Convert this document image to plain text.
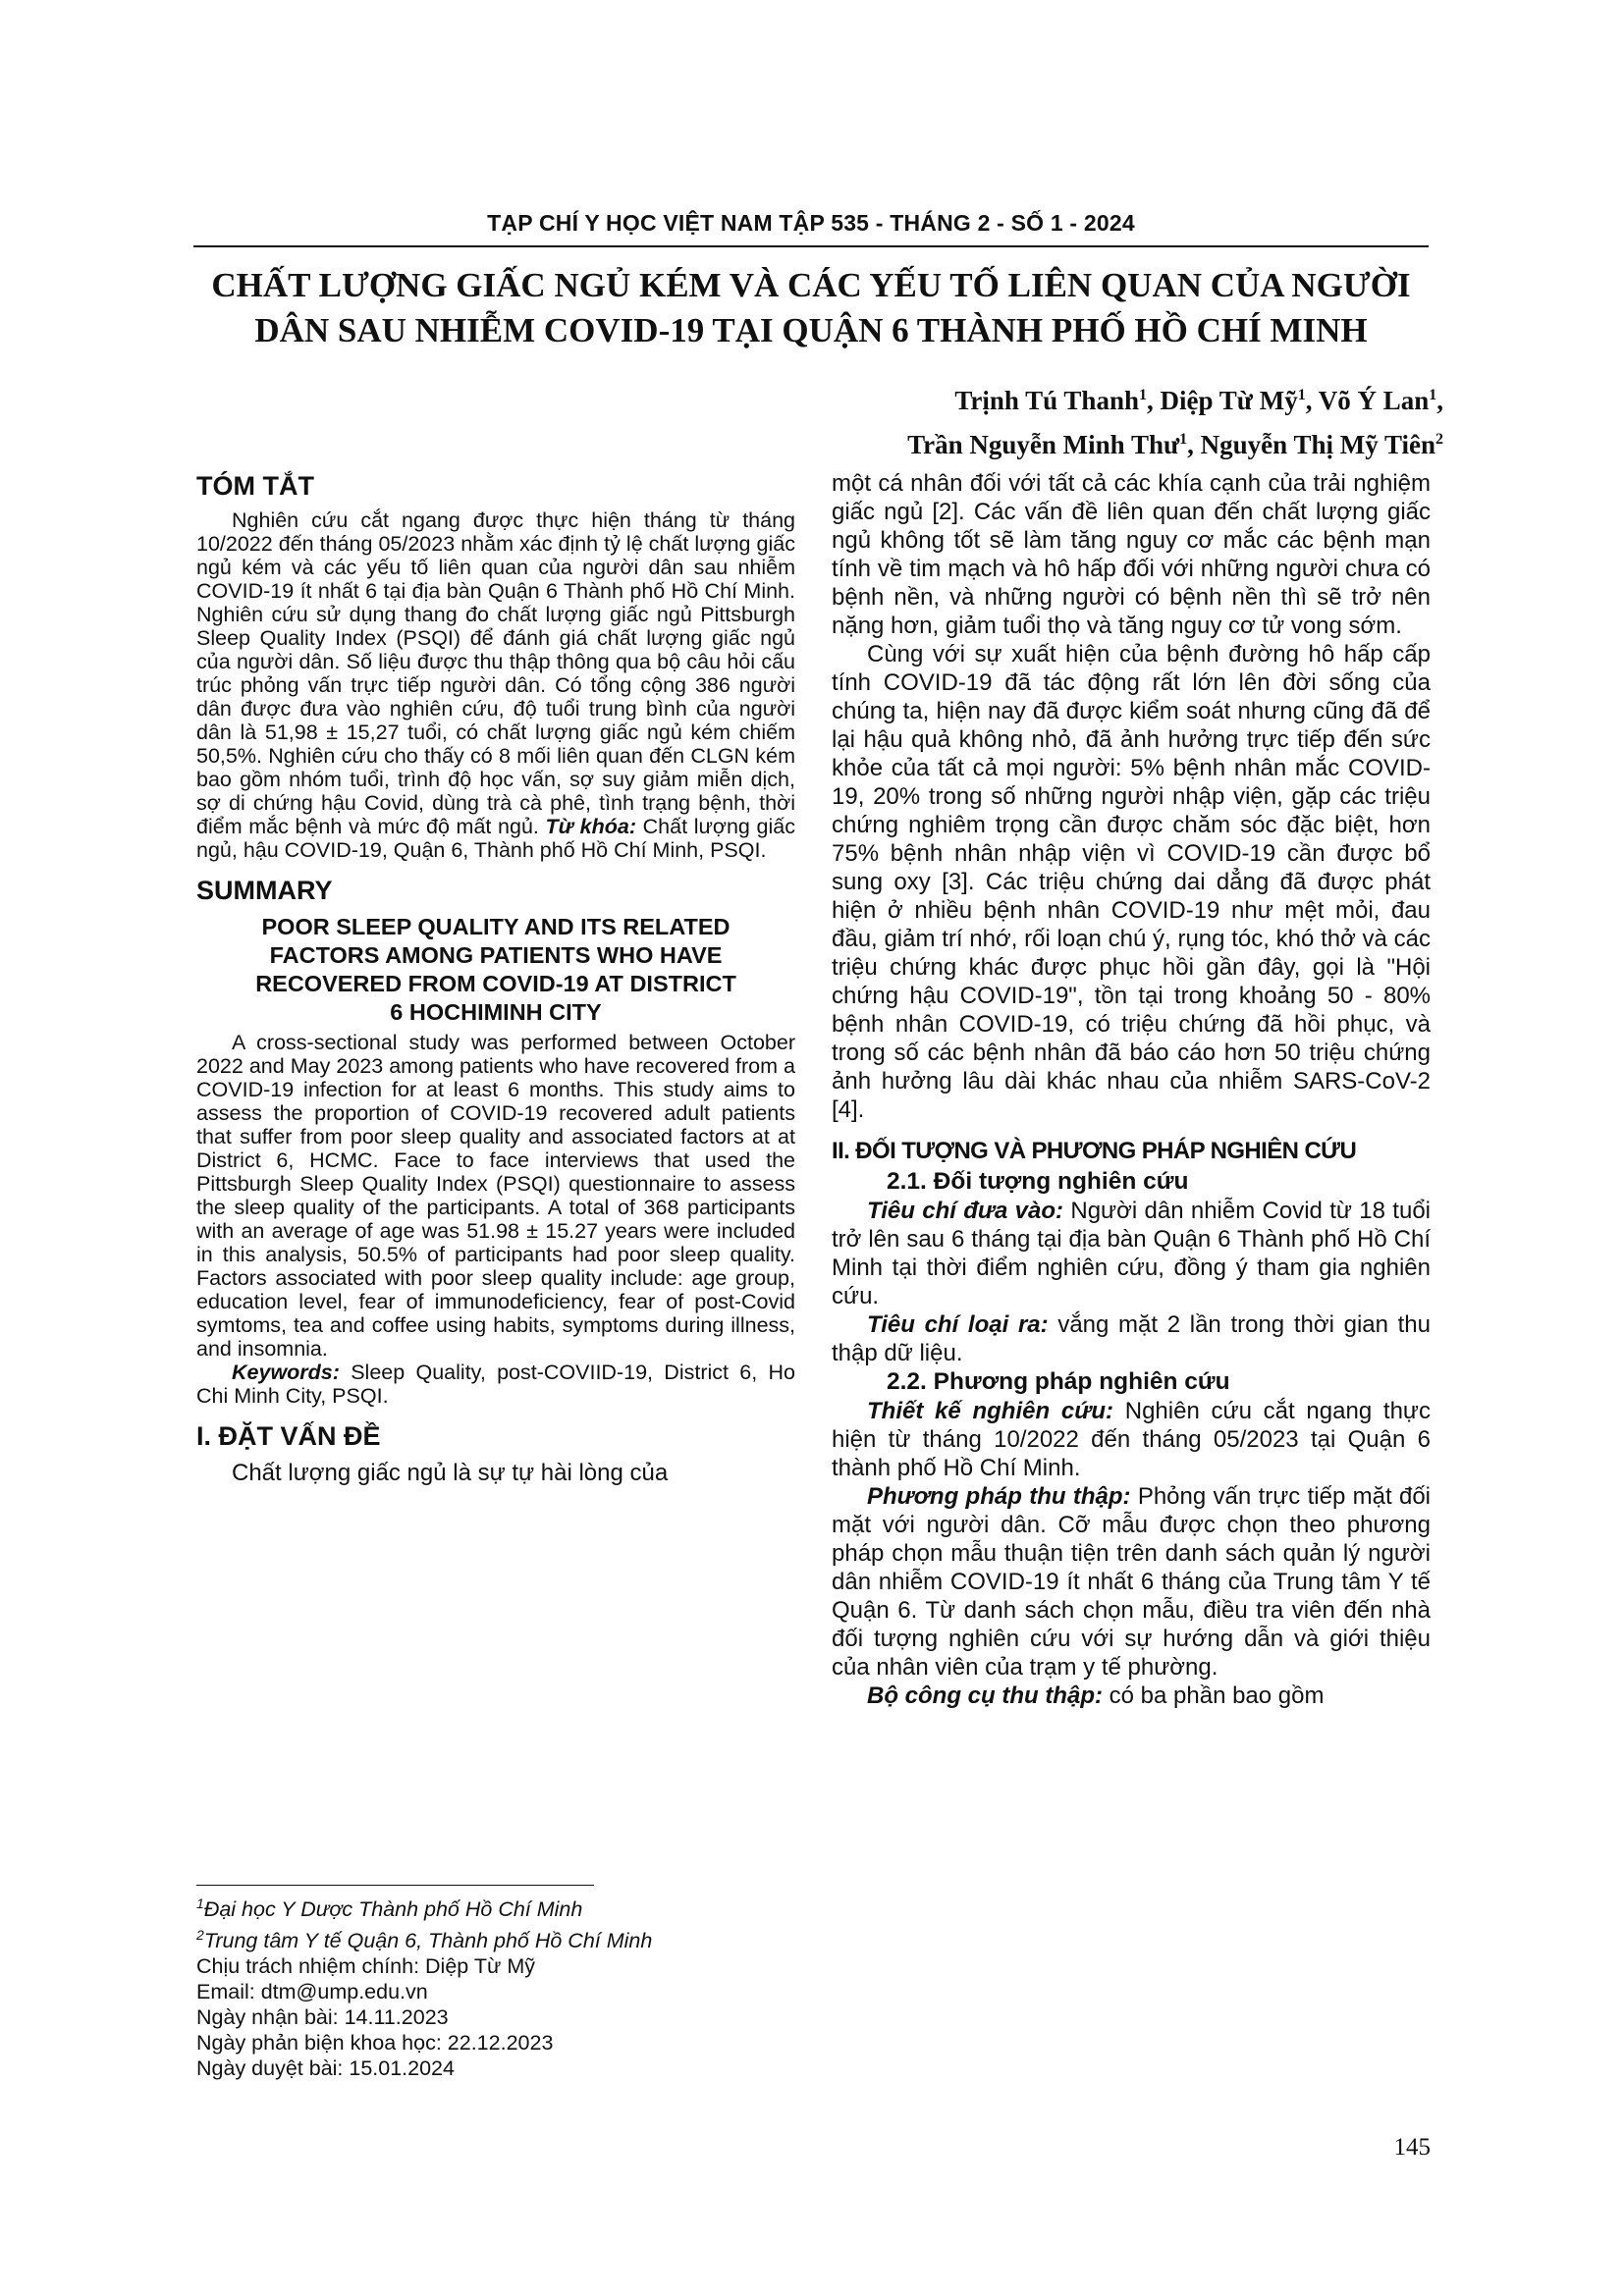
TẠP CHÍ Y HỌC VIỆT NAM TẬP 535 - THÁNG 2 - SỐ 1 - 2024
CHẤT LƯỢNG GIẤC NGỦ KÉM VÀ CÁC YẾU TỐ LIÊN QUAN CỦA NGƯỜI
DÂN SAU NHIỄM COVID-19 TẠI QUẬN 6 THÀNH PHỐ HỒ CHÍ MINH
Trịnh Tú Thanh$^1$, Diệp Từ Mỹ$^1$, Võ Ý Lan$^1$,
Trần Nguyễn Minh Thư$^1$, Nguyễn Thị Mỹ Tiên$^2$
TÓM TẮT

Nghiên cứu cắt ngang được thực hiện tháng từ tháng 10/2022 đến tháng 05/2023 nhằm xác định tỷ lệ chất lượng giấc ngủ kém và các yếu tố liên quan của người dân sau nhiễm COVID-19 ít nhất 6 tại địa bàn Quận 6 Thành phố Hồ Chí Minh. Nghiên cứu sử dụng thang đo chất lượng giấc ngủ Pittsburgh Sleep Quality Index (PSQI) để đánh giá chất lượng giấc ngủ của người dân. Số liệu được thu thập thông qua bộ câu hỏi cấu trúc phỏng vấn trực tiếp người dân. Có tổng cộng 386 người dân được đưa vào nghiên cứu, độ tuổi trung bình của người dân là 51,98 ± 15,27 tuổi, có chất lượng giấc ngủ kém chiếm 50,5%. Nghiên cứu cho thấy có 8 mối liên quan đến CLGN kém bao gồm nhóm tuổi, trình độ học vấn, sợ suy giảm miễn dịch, sợ di chứng hậu Covid, dùng trà cà phê, tình trạng bệnh, thời điểm mắc bệnh và mức độ mất ngủ. Từ khóa: Chất lượng giấc ngủ, hậu COVID-19, Quận 6, Thành phố Hồ Chí Minh, PSQI.

SUMMARY
POOR SLEEP QUALITY AND ITS RELATED
FACTORS AMONG PATIENTS WHO HAVE
RECOVERED FROM COVID-19 AT DISTRICT
6 HOCHIMINH CITY

A cross-sectional study was performed between October 2022 and May 2023 among patients who have recovered from a COVID-19 infection for at least 6 months. This study aims to assess the proportion of COVID-19 recovered adult patients that suffer from poor sleep quality and associated factors at at District 6, HCMC. Face to face interviews that used the Pittsburgh Sleep Quality Index (PSQI) questionnaire to assess the sleep quality of the participants. A total of 368 participants with an average of age was 51.98 ± 15.27 years were included in this analysis, 50.5% of participants had poor sleep quality. Factors associated with poor sleep quality include: age group, education level, fear of immunodeficiency, fear of post-Covid symtoms, tea and coffee using habits, symptoms during illness, and insomnia.

Keywords: Sleep Quality, post-COVIID-19, District 6, Ho Chi Minh City, PSQI.

I. ĐẶT VẤN ĐỀ

Chất lượng giấc ngủ là sự tự hài lòng của

$^1$Đại học Y Dược Thành phố Hồ Chí Minh
$^2$Trung tâm Y tế Quận 6, Thành phố Hồ Chí Minh
Chịu trách nhiệm chính: Diệp Từ Mỹ
Email: dtm@ump.edu.vn
Ngày nhận bài: 14.11.2023
Ngày phản biện khoa học: 22.12.2023
Ngày duyệt bài: 15.01.2024

một cá nhân đối với tất cả các khía cạnh của trải nghiệm giấc ngủ [2]. Các vấn đề liên quan đến chất lượng giấc ngủ không tốt sẽ làm tăng nguy cơ mắc các bệnh mạn tính về tim mạch và hô hấp đối với những người chưa có bệnh nền, và những người có bệnh nền thì sẽ trở nên nặng hơn, giảm tuổi thọ và tăng nguy cơ tử vong sớm.

Cùng với sự xuất hiện của bệnh đường hô hấp cấp tính COVID-19 đã tác động rất lớn lên đời sống của chúng ta, hiện nay đã được kiểm soát nhưng cũng đã để lại hậu quả không nhỏ, đã ảnh hưởng trực tiếp đến sức khỏe của tất cả mọi người: 5% bệnh nhân mắc COVID-19, 20% trong số những người nhập viện, gặp các triệu chứng nghiêm trọng cần được chăm sóc đặc biệt, hơn 75% bệnh nhân nhập viện vì COVID-19 cần được bổ sung oxy [3]. Các triệu chứng dai dẳng đã được phát hiện ở nhiều bệnh nhân COVID-19 như mệt mỏi, đau đầu, giảm trí nhớ, rối loạn chú ý, rụng tóc, khó thở và các triệu chứng khác được phục hồi gần đây, gọi là "Hội chứng hậu COVID-19", tồn tại trong khoảng 50 - 80% bệnh nhân COVID-19, có triệu chứng đã hồi phục, và trong số các bệnh nhân đã báo cáo hơn 50 triệu chứng ảnh hưởng lâu dài khác nhau của nhiễm SARS-CoV-2 [4].

II. ĐỐI TƯỢNG VÀ PHƯƠNG PHÁP NGHIÊN CỨU
2.1. Đối tượng nghiên cứu

Tiêu chí đưa vào: Người dân nhiễm Covid từ 18 tuổi trở lên sau 6 tháng tại địa bàn Quận 6 Thành phố Hồ Chí Minh tại thời điểm nghiên cứu, đồng ý tham gia nghiên cứu.

Tiêu chí loại ra: vắng mặt 2 lần trong thời gian thu thập dữ liệu.

2.2. Phương pháp nghiên cứu

Thiết kế nghiên cứu: Nghiên cứu cắt ngang thực hiện từ tháng 10/2022 đến tháng 05/2023 tại Quận 6 thành phố Hồ Chí Minh.

Phương pháp thu thập: Phỏng vấn trực tiếp mặt đối mặt với người dân. Cỡ mẫu được chọn theo phương pháp chọn mẫu thuận tiện trên danh sách quản lý người dân nhiễm COVID-19 ít nhất 6 tháng của Trung tâm Y tế Quận 6. Từ danh sách chọn mẫu, điều tra viên đến nhà đối tượng nghiên cứu với sự hướng dẫn và giới thiệu của nhân viên của trạm y tế phường.

Bộ công cụ thu thập: có ba phần bao gồm

145
